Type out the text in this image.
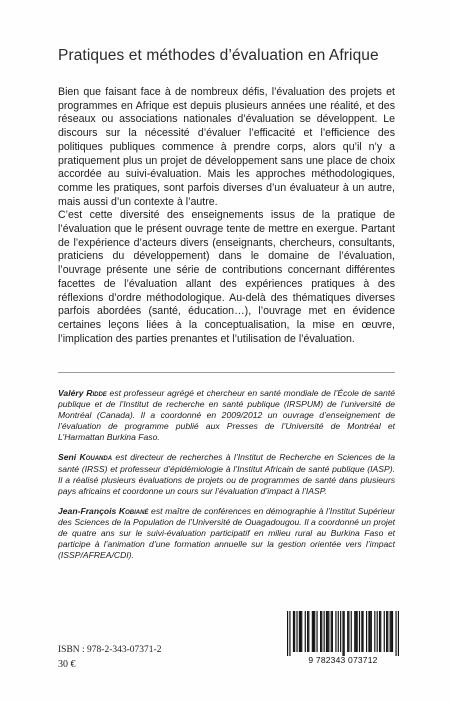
Pratiques et méthodes d’évaluation en Afrique

Bien que faisant face à de nombreux défis, l’évaluation des projets et programmes en Afrique est depuis plusieurs années une réalité, et des réseaux ou associations nationales d’évaluation se développent. Le discours sur la nécessité d’évaluer l’efficacité et l’efficience des politiques publiques commence à prendre corps, alors qu’il n’y a pratiquement plus un projet de développement sans une place de choix accordée au suivi-évaluation. Mais les approches méthodologiques, comme les pratiques, sont parfois diverses d’un évaluateur à un autre, mais aussi d’un contexte à l’autre.

C’est cette diversité des enseignements issus de la pratique de l’évaluation que le présent ouvrage tente de mettre en exergue. Partant de l’expérience d’acteurs divers (enseignants, chercheurs, consultants, praticiens du développement) dans le domaine de l’évaluation, l’ouvrage présente une série de contributions concernant différentes facettes de l’évaluation allant des expériences pratiques à des réflexions d’ordre méthodologique. Au-delà des thématiques diverses parfois abordées (santé, éducation…), l’ouvrage met en évidence certaines leçons liées à la conceptualisation, la mise en œuvre, l’implication des parties prenantes et l’utilisation de l’évaluation.

Valéry Ridde est professeur agrégé et chercheur en santé mondiale de l’École de santé publique et de l’Institut de recherche en santé publique (IRSPUM) de l’université de Montréal (Canada). Il a coordonné en 2009/2012 un ouvrage d’enseignement de l’évaluation de programme publié aux Presses de l’Université de Montréal et L’Harmattan Burkina Faso.

Seni Kouanda est directeur de recherches à l’Institut de Recherche en Sciences de la santé (IRSS) et professeur d’épidémiologie à l’Institut Africain de santé publique (IASP). Il a réalisé plusieurs évaluations de projets ou de programmes de santé dans plusieurs pays africains et coordonne un cours sur l’évaluation d’impact à l’IASP.

Jean-François Kobiané est maître de conférences en démographie à l’Institut Supérieur des Sciences de la Population de l’Université de Ouagadougou. Il a coordonné un projet de quatre ans sur le suivi-évaluation participatif en milieu rural au Burkina Faso et participe à l’animation d’une formation annuelle sur la gestion orientée vers l’impact (ISSP/AFREA/CDI).

ISBN : 978-2-343-07371-2
30 €	9 782343 073712
